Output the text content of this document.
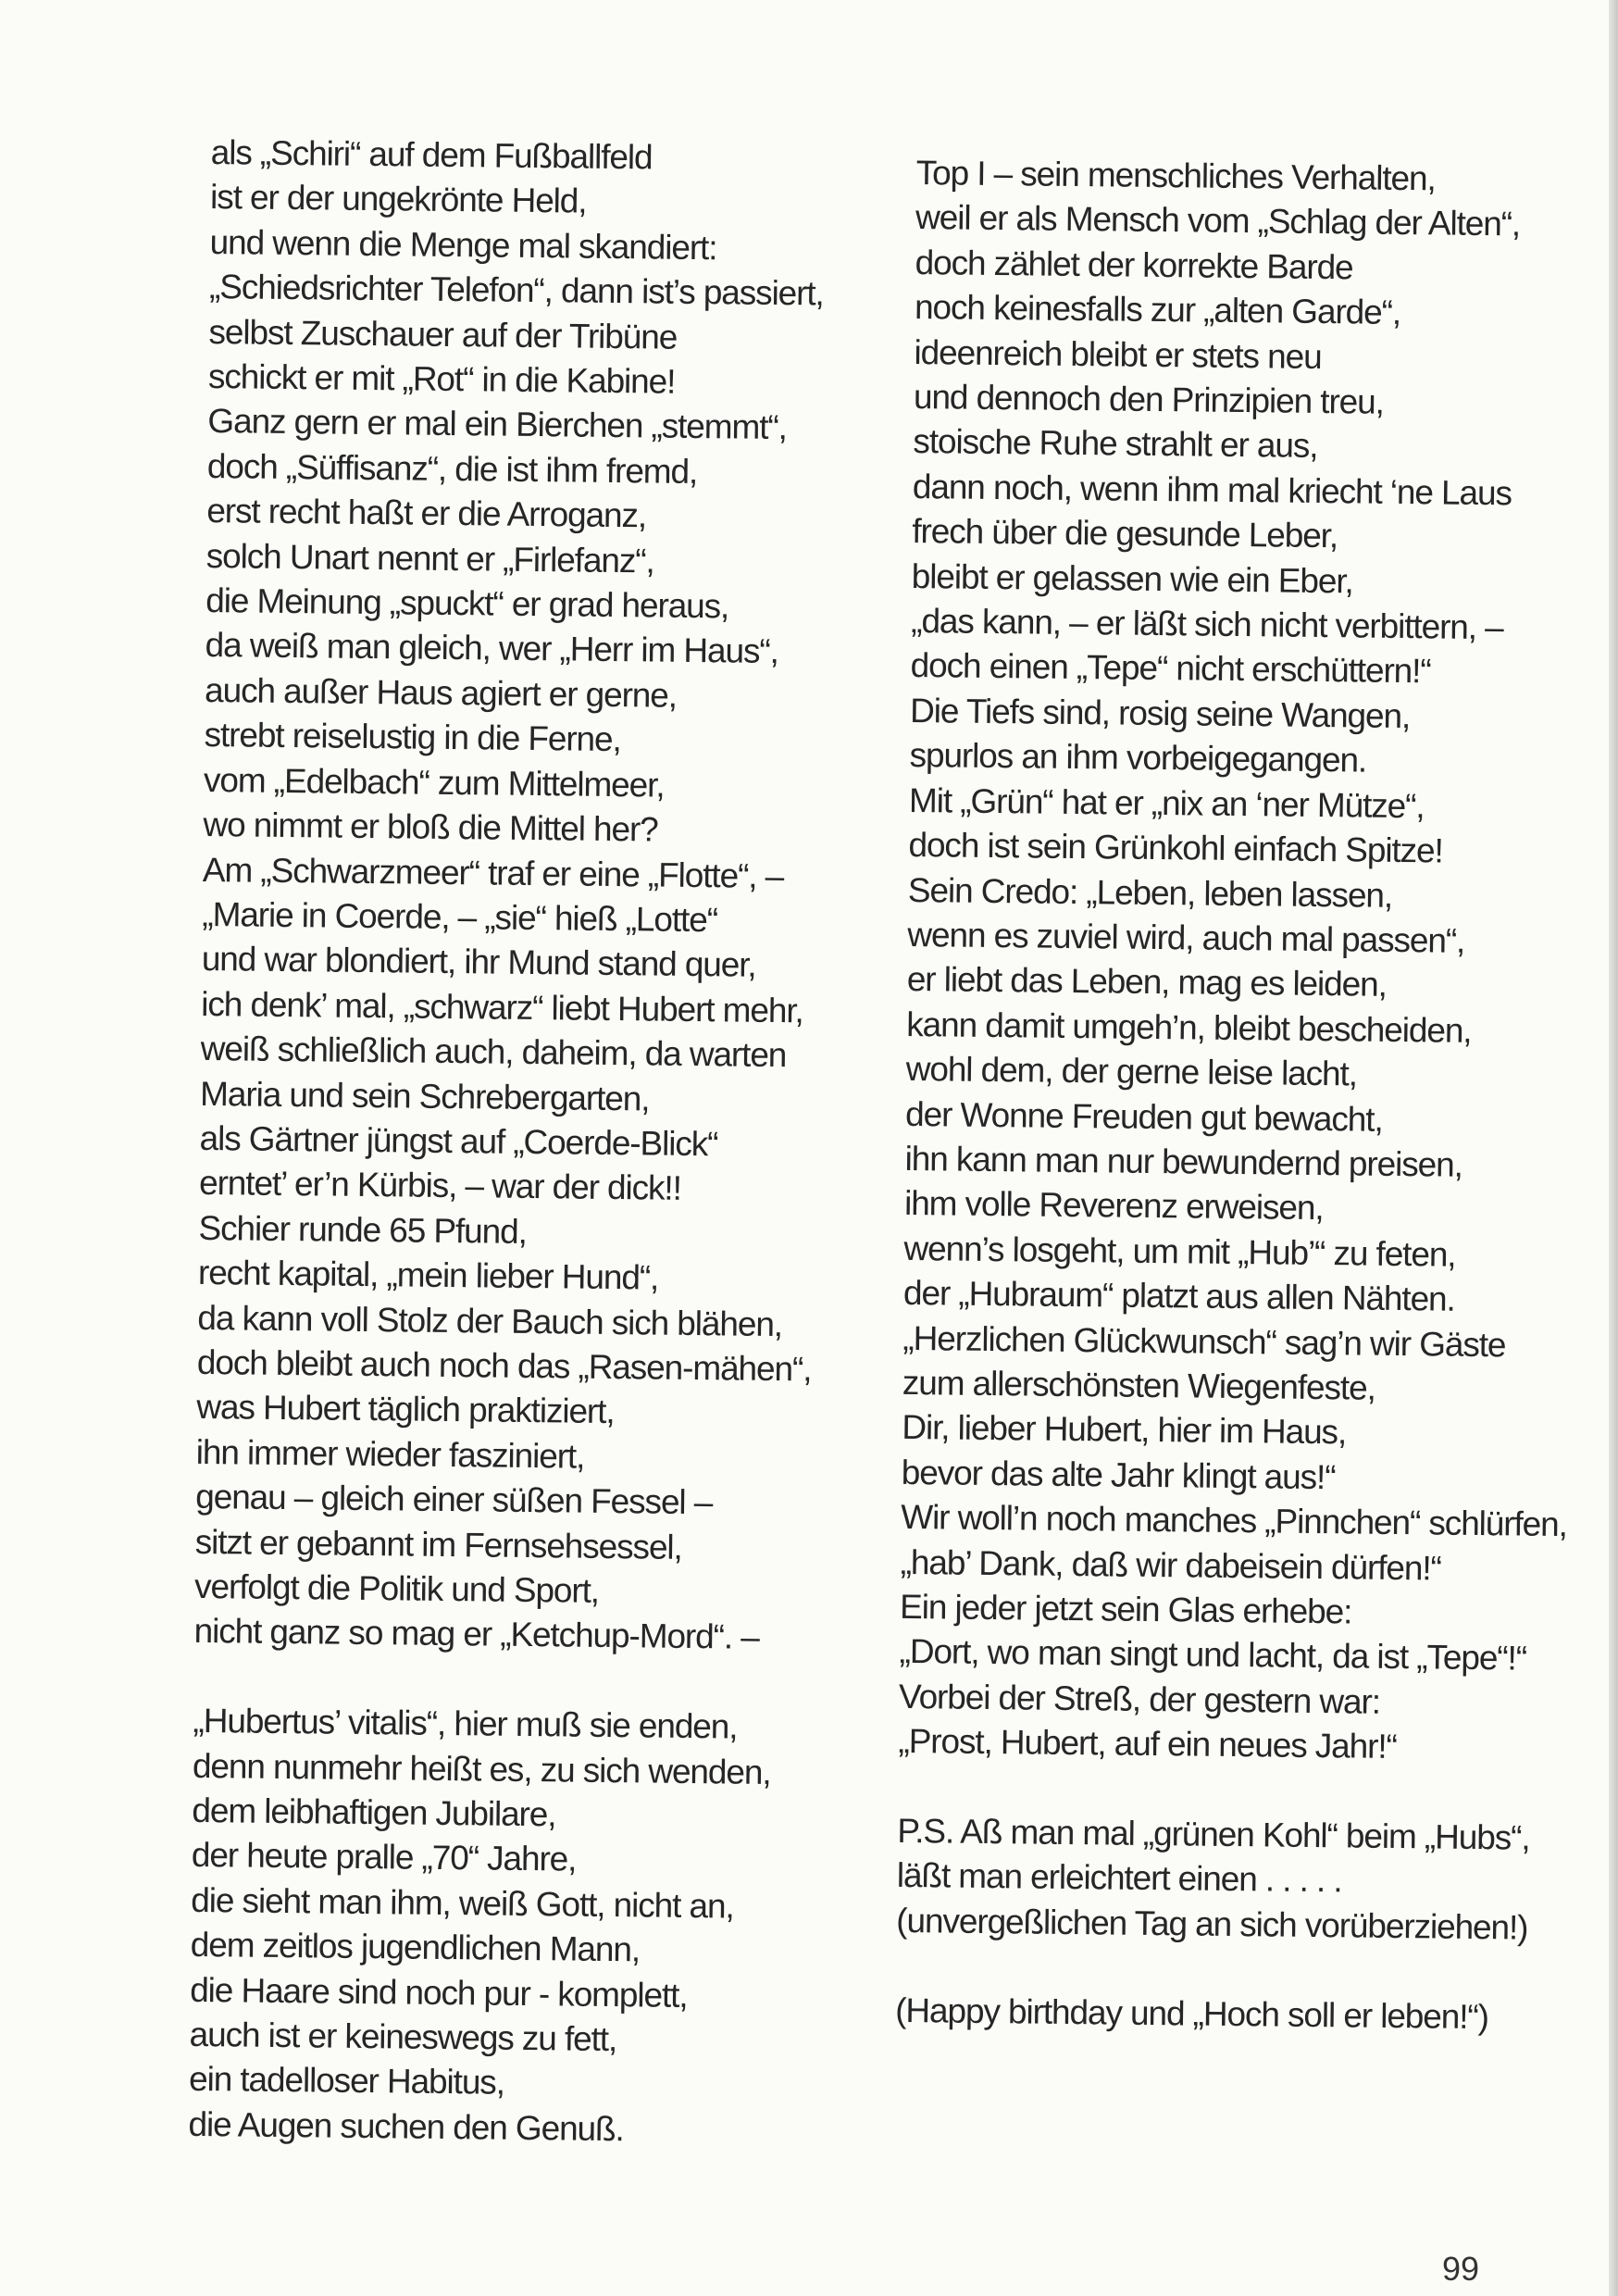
als „Schiri“ auf dem Fußballfeld
ist er der ungekrönte Held,
und wenn die Menge mal skandiert:
„Schiedsrichter Telefon“, dann ist’s passiert,
selbst Zuschauer auf der Tribüne
schickt er mit „Rot“ in die Kabine!
Ganz gern er mal ein Bierchen „stemmt“,
doch „Süffisanz“, die ist ihm fremd,
erst recht haßt er die Arroganz,
solch Unart nennt er „Firlefanz“,
die Meinung „spuckt“ er grad heraus,
da weiß man gleich, wer „Herr im Haus“,
auch außer Haus agiert er gerne,
strebt reiselustig in die Ferne,
vom „Edelbach“ zum Mittelmeer,
wo nimmt er bloß die Mittel her?
Am „Schwarzmeer“ traf er eine „Flotte“, –
„Marie in Coerde, – „sie“ hieß „Lotte“
und war blondiert, ihr Mund stand quer,
ich denk’ mal, „schwarz“ liebt Hubert mehr,
weiß schließlich auch, daheim, da warten
Maria und sein Schrebergarten,
als Gärtner jüngst auf „Coerde-Blick“
erntet’ er’n Kürbis, – war der dick!!
Schier runde 65 Pfund,
recht kapital, „mein lieber Hund“,
da kann voll Stolz der Bauch sich blähen,
doch bleibt auch noch das „Rasen-mähen“,
was Hubert täglich praktiziert,
ihn immer wieder fasziniert,
genau – gleich einer süßen Fessel –
sitzt er gebannt im Fernsehsessel,
verfolgt die Politik und Sport,
nicht ganz so mag er „Ketchup-Mord“. –
„Hubertus’ vitalis“, hier muß sie enden,
denn nunmehr heißt es, zu sich wenden,
dem leibhaftigen Jubilare,
der heute pralle „70“ Jahre,
die sieht man ihm, weiß Gott, nicht an,
dem zeitlos jugendlichen Mann,
die Haare sind noch pur - komplett,
auch ist er keineswegs zu fett,
ein tadelloser Habitus,
die Augen suchen den Genuß.
Top I – sein menschliches Verhalten,
weil er als Mensch vom „Schlag der Alten“,
doch zählet der korrekte Barde
noch keinesfalls zur „alten Garde“,
ideenreich bleibt er stets neu
und dennoch den Prinzipien treu,
stoische Ruhe strahlt er aus,
dann noch, wenn ihm mal kriecht ‘ne Laus
frech über die gesunde Leber,
bleibt er gelassen wie ein Eber,
„das kann, – er läßt sich nicht verbittern, –
doch einen „Tepe“ nicht erschüttern!“
Die Tiefs sind, rosig seine Wangen,
spurlos an ihm vorbeigegangen.
Mit „Grün“ hat er „nix an ‘ner Mütze“,
doch ist sein Grünkohl einfach Spitze!
Sein Credo: „Leben, leben lassen,
wenn es zuviel wird, auch mal passen“,
er liebt das Leben, mag es leiden,
kann damit umgeh’n, bleibt bescheiden,
wohl dem, der gerne leise lacht,
der Wonne Freuden gut bewacht,
ihn kann man nur bewundernd preisen,
ihm volle Reverenz erweisen,
wenn’s losgeht, um mit „Hub’“ zu feten,
der „Hubraum“ platzt aus allen Nähten.
„Herzlichen Glückwunsch“ sag’n wir Gäste
zum allerschönsten Wiegenfeste,
Dir, lieber Hubert, hier im Haus,
bevor das alte Jahr klingt aus!“
Wir woll’n noch manches „Pinnchen“ schlürfen,
„hab’ Dank, daß wir dabeisein dürfen!“
Ein jeder jetzt sein Glas erhebe:
„Dort, wo man singt und lacht, da ist „Tepe“!“
Vorbei der Streß, der gestern war:
„Prost, Hubert, auf ein neues Jahr!“
P.S. Aß man mal „grünen Kohl“ beim „Hubs“,
läßt man erleichtert einen . . . . .
(unvergeßlichen Tag an sich vorüberziehen!)
(Happy birthday und „Hoch soll er leben!“)
99
